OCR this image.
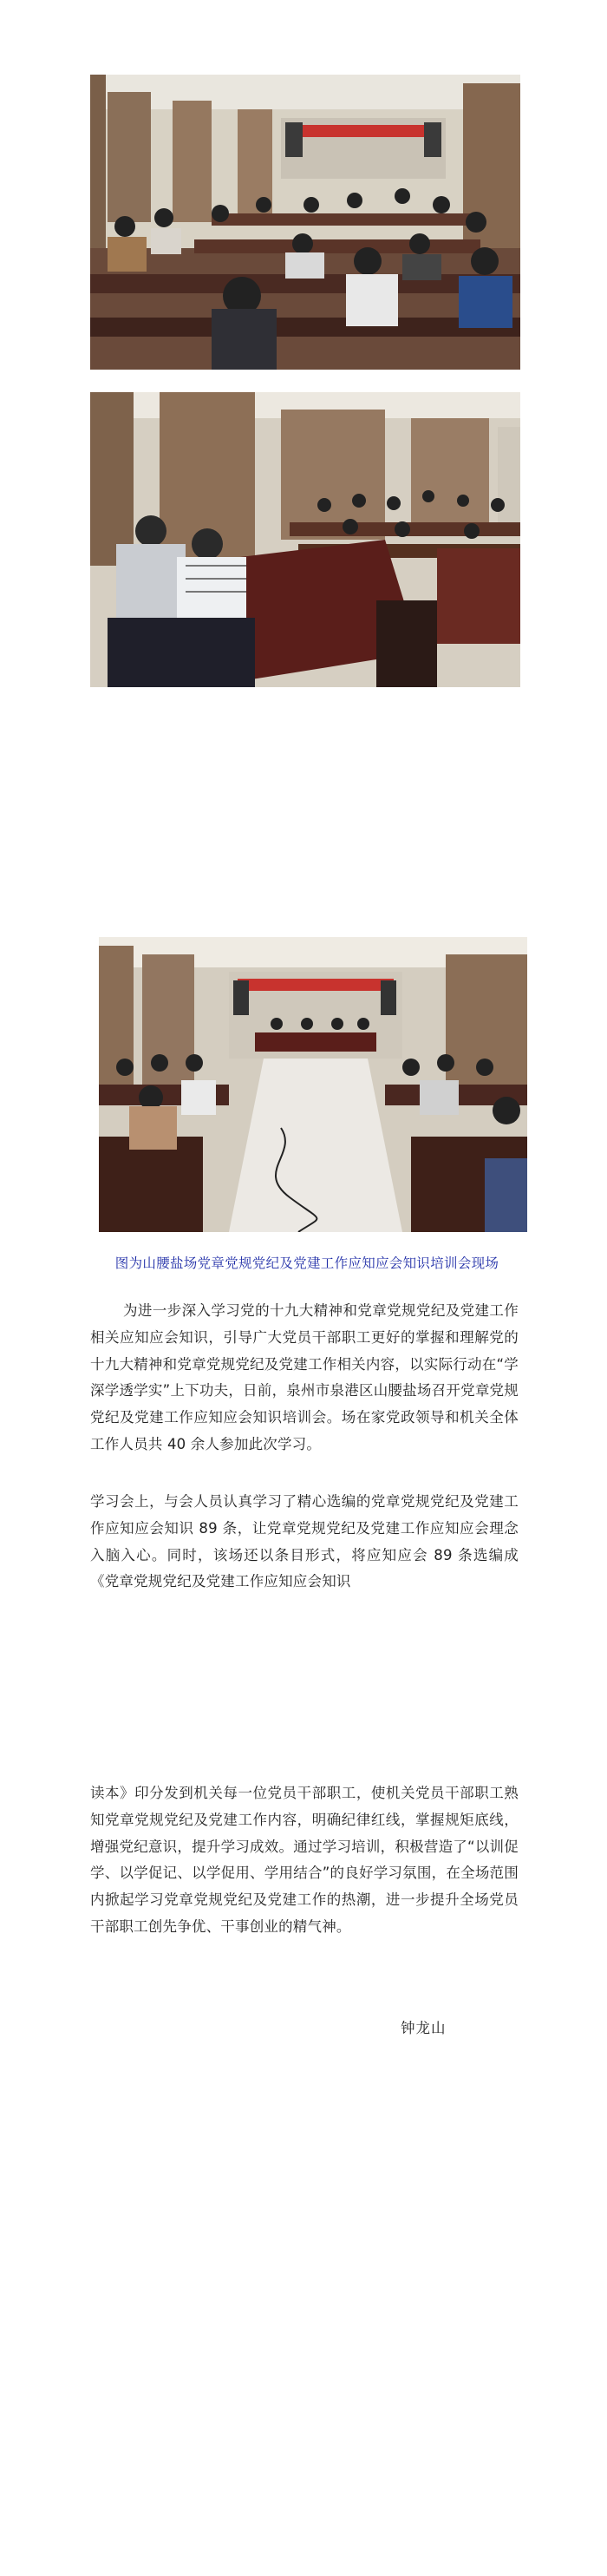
图为山腰盐场党章党规党纪及党建工作应知应会知识培训会现场

为进一步深入学习党的十九大精神和党章党规党纪及党建工作相关应知应会知识，引导广大党员干部职工更好的掌握和理解党的十九大精神和党章党规党纪及党建工作相关内容，以实际行动在“学深学透学实”上下功夫，日前，泉州市泉港区山腰盐场召开党章党规党纪及党建工作应知应会知识培训会。场在家党政领导和机关全体工作人员共 40 余人参加此次学习。

学习会上，与会人员认真学习了精心选编的党章党规党纪及党建工作应知应会知识 89 条，让党章党规党纪及党建工作应知应会理念入脑入心。同时，该场还以条目形式，将应知应会 89 条选编成《党章党规党纪及党建工作应知应会知识

读本》印分发到机关每一位党员干部职工，使机关党员干部职工熟知党章党规党纪及党建工作内容，明确纪律红线，掌握规矩底线，增强党纪意识，提升学习成效。通过学习培训，积极营造了“以训促学、以学促记、以学促用、学用结合”的良好学习氛围，在全场范围内掀起学习党章党规党纪及党建工作的热潮，进一步提升全场党员干部职工创先争优、干事创业的精气神。

钟龙山
